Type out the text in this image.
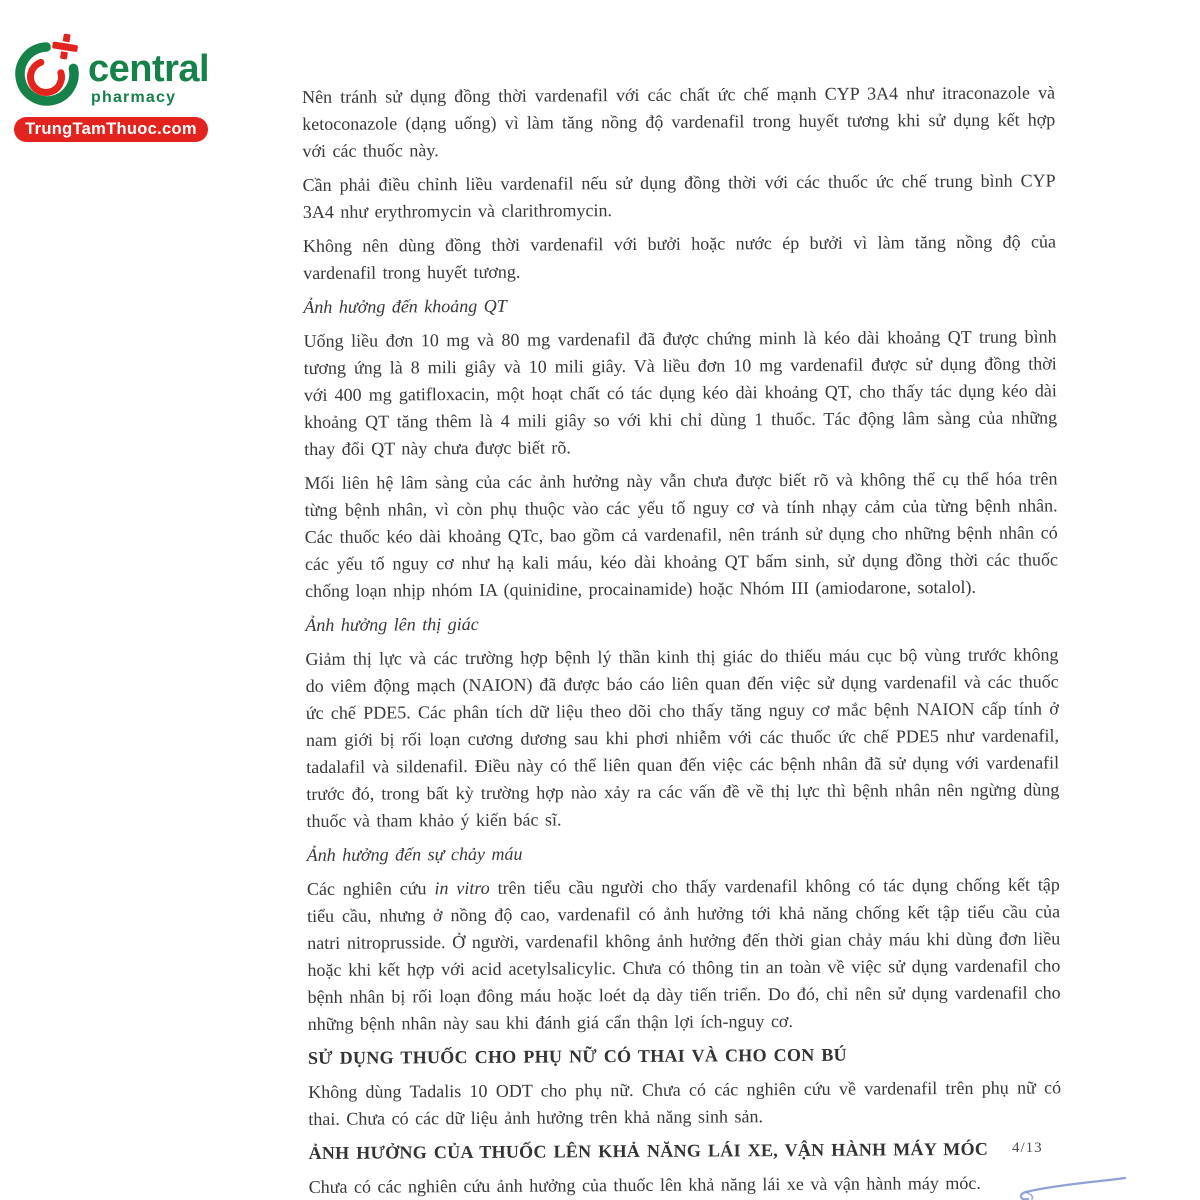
central
pharmacy
TrungTamThuoc.com

Nên tránh sử dụng đồng thời vardenafil với các chất ức chế mạnh CYP 3A4 như itraconazole và ketoconazole (dạng uống) vì làm tăng nồng độ vardenafil trong huyết tương khi sử dụng kết hợp với các thuốc này.

Cần phải điều chỉnh liều vardenafil nếu sử dụng đồng thời với các thuốc ức chế trung bình CYP 3A4 như erythromycin và clarithromycin.

Không nên dùng đồng thời vardenafil với bưởi hoặc nước ép bưởi vì làm tăng nồng độ của vardenafil trong huyết tương.

Ảnh hưởng đến khoảng QT

Uống liều đơn 10 mg và 80 mg vardenafil đã được chứng minh là kéo dài khoảng QT trung bình tương ứng là 8 mili giây và 10 mili giây. Và liều đơn 10 mg vardenafil được sử dụng đồng thời với 400 mg gatifloxacin, một hoạt chất có tác dụng kéo dài khoảng QT, cho thấy tác dụng kéo dài khoảng QT tăng thêm là 4 mili giây so với khi chỉ dùng 1 thuốc. Tác động lâm sàng của những thay đổi QT này chưa được biết rõ.

Mối liên hệ lâm sàng của các ảnh hưởng này vẫn chưa được biết rõ và không thể cụ thể hóa trên từng bệnh nhân, vì còn phụ thuộc vào các yếu tố nguy cơ và tính nhạy cảm của từng bệnh nhân. Các thuốc kéo dài khoảng QTc, bao gồm cả vardenafil, nên tránh sử dụng cho những bệnh nhân có các yếu tố nguy cơ như hạ kali máu, kéo dài khoảng QT bẩm sinh, sử dụng đồng thời các thuốc chống loạn nhịp nhóm IA (quinidine, procainamide) hoặc Nhóm III (amiodarone, sotalol).

Ảnh hưởng lên thị giác

Giảm thị lực và các trường hợp bệnh lý thần kinh thị giác do thiếu máu cục bộ vùng trước không do viêm động mạch (NAION) đã được báo cáo liên quan đến việc sử dụng vardenafil và các thuốc ức chế PDE5. Các phân tích dữ liệu theo dõi cho thấy tăng nguy cơ mắc bệnh NAION cấp tính ở nam giới bị rối loạn cương dương sau khi phơi nhiễm với các thuốc ức chế PDE5 như vardenafil, tadalafil và sildenafil. Điều này có thể liên quan đến việc các bệnh nhân đã sử dụng với vardenafil trước đó, trong bất kỳ trường hợp nào xảy ra các vấn đề về thị lực thì bệnh nhân nên ngừng dùng thuốc và tham khảo ý kiến bác sĩ.

Ảnh hưởng đến sự chảy máu

Các nghiên cứu in vitro trên tiểu cầu người cho thấy vardenafil không có tác dụng chống kết tập tiểu cầu, nhưng ở nồng độ cao, vardenafil có ảnh hưởng tới khả năng chống kết tập tiểu cầu của natri nitroprusside. Ở người, vardenafil không ảnh hưởng đến thời gian chảy máu khi dùng đơn liều hoặc khi kết hợp với acid acetylsalicylic. Chưa có thông tin an toàn về việc sử dụng vardenafil cho bệnh nhân bị rối loạn đông máu hoặc loét dạ dày tiến triển. Do đó, chỉ nên sử dụng vardenafil cho những bệnh nhân này sau khi đánh giá cẩn thận lợi ích-nguy cơ.

SỬ DỤNG THUỐC CHO PHỤ NỮ CÓ THAI VÀ CHO CON BÚ

Không dùng Tadalis 10 ODT cho phụ nữ. Chưa có các nghiên cứu về vardenafil trên phụ nữ có thai. Chưa có các dữ liệu ảnh hưởng trên khả năng sinh sản.

ẢNH HƯỞNG CỦA THUỐC LÊN KHẢ NĂNG LÁI XE, VẬN HÀNH MÁY MÓC

Chưa có các nghiên cứu ảnh hưởng của thuốc lên khả năng lái xe và vận hành máy móc.

4/13
